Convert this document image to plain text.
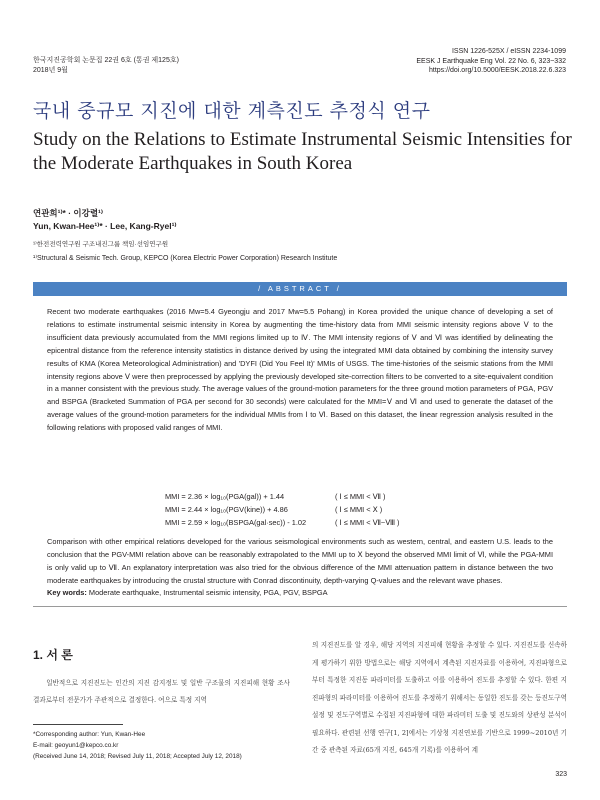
한국지진공학회 논문집 22권 6호 (통권 제125호)
2018년 9월
ISSN 1226-525X / eISSN 2234-1099
EESK J Earthquake Eng Vol. 22 No. 6, 323~332
https://doi.org/10.5000/EESK.2018.22.6.323
국내 중규모 지진에 대한 계측진도 추정식 연구
Study on the Relations to Estimate Instrumental Seismic Intensities for the Moderate Earthquakes in South Korea
연관희¹⁾* · 이강렬¹⁾
Yun, Kwan-Hee¹⁾* · Lee, Kang-Ryel¹⁾
¹⁾한전전력연구원 구조내진그룹 책임·선임연구원
¹⁾Structural & Seismic Tech. Group, KEPCO (Korea Electric Power Corporation) Research Institute
/ ABSTRACT /
Recent two moderate earthquakes (2016 Mw=5.4 Gyeongju and 2017 Mw=5.5 Pohang) in Korea provided the unique chance of developing a set of relations to estimate instrumental seismic intensity in Korea by augmenting the time-history data from MMI seismic intensity regions above Ⅴ to the insufficient data previously accumulated from the MMI regions limited up to Ⅳ. The MMI intensity regions of Ⅴ and Ⅵ was identified by delineating the epicentral distance from the reference intensity statistics in distance derived by using the integrated MMI data obtained by combining the intensity survey results of KMA (Korea Meteorological Administration) and 'DYFI (Did You Feel It)' MMIs of USGS. The time-histories of the seismic stations from the MMI intensity regions above Ⅴ were then preprocessed by applying the previously developed site-correction filters to be converted to a site-equivalent condition in a manner consistent with the previous study. The average values of the ground-motion parameters for the three ground motion parameters of PGA, PGV and BSPGA (Bracketed Summation of PGA per second for 30 seconds) were calculated for the MMI=Ⅴ and Ⅵ and used to generate the dataset of the average values of the ground-motion parameters for the individual MMIs from Ⅰ to Ⅵ. Based on this dataset, the linear regression analysis resulted in the following relations with proposed valid ranges of MMI.
MMI = 2.36 × log₁₀(PGA(gal)) + 1.44	( Ⅰ ≤ MMI < Ⅶ )
MMI = 2.44 × log₁₀(PGV(kine)) + 4.86	( Ⅰ ≤ MMI < Ⅹ )
MMI = 2.59 × log₁₀(BSPGA(gal·sec)) - 1.02	( Ⅰ ≤ MMI < Ⅶ~Ⅷ )
Comparison with other empirical relations developed for the various seismological environments such as western, central, and eastern U.S. leads to the conclusion that the PGV-MMI relation above can be reasonably extrapolated to the MMI up to Ⅹ beyond the observed MMI limit of Ⅵ, while the PGA-MMI is only valid up to Ⅶ. An explanatory interpretation was also tried for the obvious difference of the MMI attenuation pattern in distance between the two moderate earthquakes by introducing the crustal structure with Conrad discontinuity, depth-varying Q-values and the relevant wave phases.
Key words: Moderate earthquake, Instrumental seismic intensity, PGA, PGV, BSPGA
1. 서 론

일반적으로 지진진도는 인간의 지진 감지정도 및 일반 구조물의 지진피해 현황 조사결과로부터 전문가가 주관적으로 결정한다. 여으로 특정 지역

*Corresponding author: Yun, Kwan-Hee
E-mail: geoyun1@kepco.co.kr
(Received June 14, 2018; Revised July 11, 2018; Accepted July 12, 2018)
의 지진진도를 알 경우, 해당 지역의 지진피해 현황을 추정할 수 있다. 지진진도를 신속하게 평가하기 위한 방법으로는 해당 지역에서 계측된 지진자료를 이용하여, 지진파형으로부터 특정한 지진동 파라미터를 도출하고 이를 이용하여 진도를 추정할 수 있다. 한편 지진파형의 파라미터를 이용하여 진도를 추정하기 위해서는 동일한 진도를 갖는 등진도구역 설정 및 진도구역별로 수집된 지진파형에 대한 파라미터 도출 및 진도와의 상관성 분석이 필요하다. 관련된 선행 연구[1, 2]에서는 기상청 지진연보를 기반으로 1999~2010년 기간 중 관측된 자료(65개 지진, 645개 기록)를 이용하여 계
323
